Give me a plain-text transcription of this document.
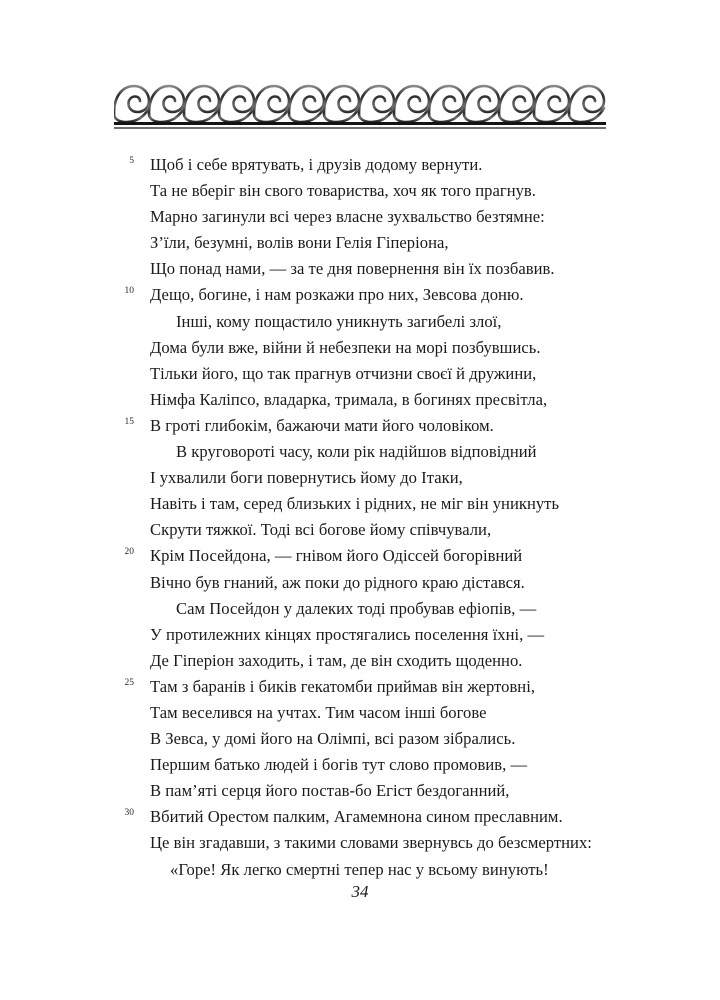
5 Щоб і себе врятувать, і друзів додому вернути.
Та не вберіг він свого товариства, хоч як того прагнув.
Марно загинули всі через власне зухвальство безтямне:
З’їли, безумні, волів вони Гелія Гіперіона,
Що понад нами, — за те дня повернення він їх позбавив.
10 Дещо, богине, і нам розкажи про них, Зевсова доню.
Інші, кому пощастило уникнуть загибелі злої,
Дома були вже, війни й небезпеки на морі позбувшись.
Тільки його, що так прагнув отчизни своєї й дружини,
Німфа Каліпсо, владарка, тримала, в богинях пресвітла,
15 В гроті глибокім, бажаючи мати його чоловіком.
В круговороті часу, коли рік надійшов відповідний
І ухвалили боги повернутись йому до Ітаки,
Навіть і там, серед близьких і рідних, не міг він уникнуть
Скрути тяжкої. Тоді всі богове йому співчували,
20 Крім Посейдона, — гнівом його Одіссей богорівний
Вічно був гнаний, аж поки до рідного краю дістався.
Сам Посейдон у далеких тоді пробував ефіопів, —
У протилежних кінцях простягались поселення їхні, —
Де Гіперіон заходить, і там, де він сходить щоденно.
25 Там з баранів і биків гекатомби приймав він жертовні,
Там веселився на учтах. Тим часом інші богове
В Зевса, у домі його на Олімпі, всі разом зібрались.
Першим батько людей і богів тут слово промовив, —
В пам’яті серця його постав-бо Егіст бездоганний,
30 Вбитий Орестом палким, Агамемнона сином преславним.
Це він згадавши, з такими словами звернувсь до безсмертних:
«Горе! Як легко смертні тепер нас у всьому винують!
34
